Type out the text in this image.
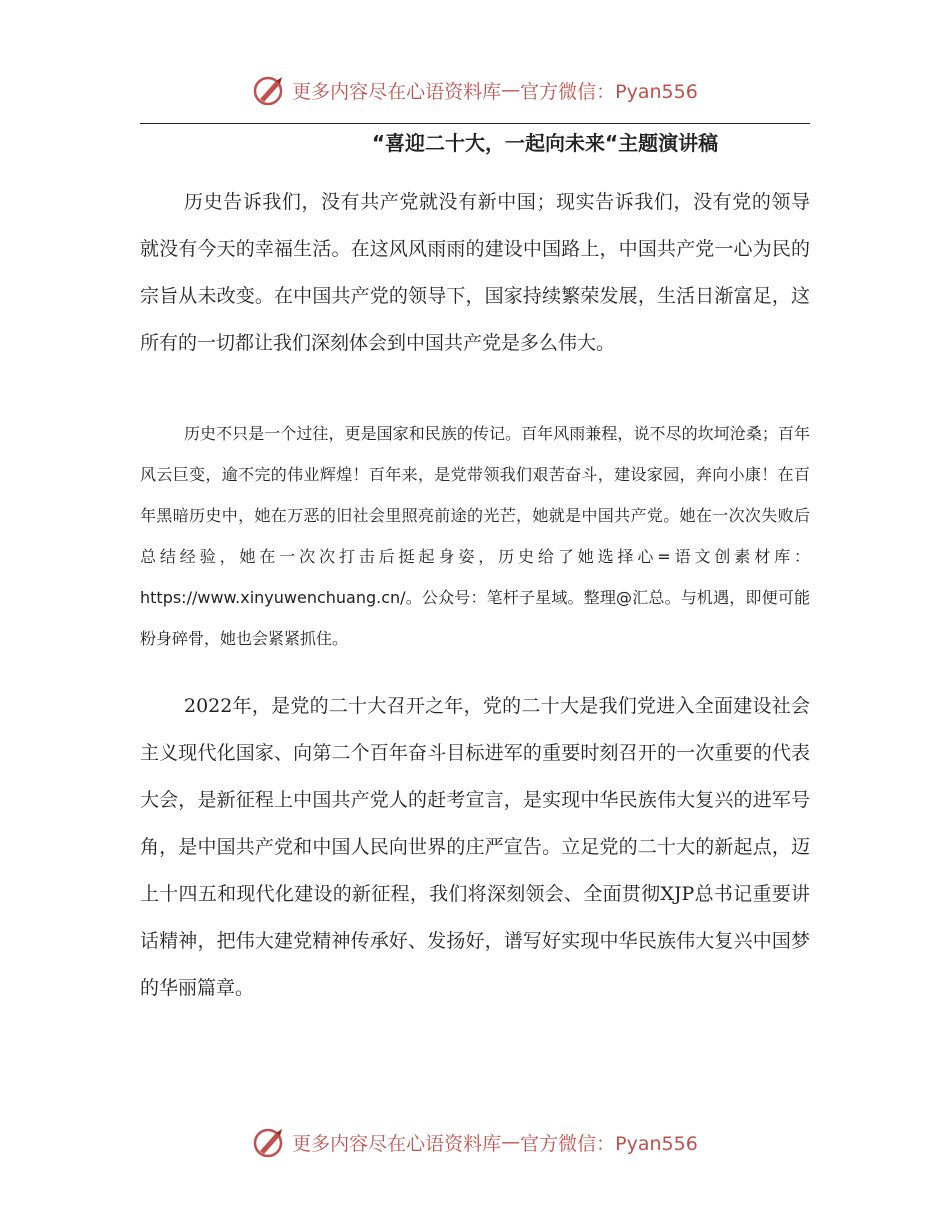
更多内容尽在心语资料库 — 官方微信：Pyan556
“喜迎二十大，一起向未来“主题演讲稿

历史告诉我们，没有共产党就没有新中国；现实告诉我们，没有党的领导就没有今天的幸福生活。在这风风雨雨的建设中国路上，中国共产党一心为民的宗旨从未改变。在中国共产党的领导下，国家持续繁荣发展，生活日渐富足，这所有的一切都让我们深刻体会到中国共产党是多么伟大。

历史不只是一个过往，更是国家和民族的传记。百年风雨兼程，说不尽的坎坷沧桑；百年风云巨变，逾不完的伟业辉煌！百年来，是党带领我们艰苦奋斗，建设家园，奔向小康！在百年黑暗历史中，她在万恶的旧社会里照亮前途的光芒，她就是中国共产党。她在一次次失败后总结经验，她在一次次打击后挺起身姿，历史给了她选择心=语文创素材库：https://www.xinyuwenchuang.cn/。公众号：笔杆子星域。整理@汇总。与机遇，即便可能粉身碎骨，她也会紧紧抓住。

2022年，是党的二十大召开之年，党的二十大是我们党进入全面建设社会主义现代化国家、向第二个百年奋斗目标进军的重要时刻召开的一次重要的代表大会，是新征程上中国共产党人的赶考宣言，是实现中华民族伟大复兴的进军号角，是中国共产党和中国人民向世界的庄严宣告。立足党的二十大的新起点，迈上十四五和现代化建设的新征程，我们将深刻领会、全面贯彻XJP总书记重要讲话精神，把伟大建党精神传承好、发扬好，谱写好实现中华民族伟大复兴中国梦的华丽篇章。

更多内容尽在心语资料库 — 官方微信：Pyan556
